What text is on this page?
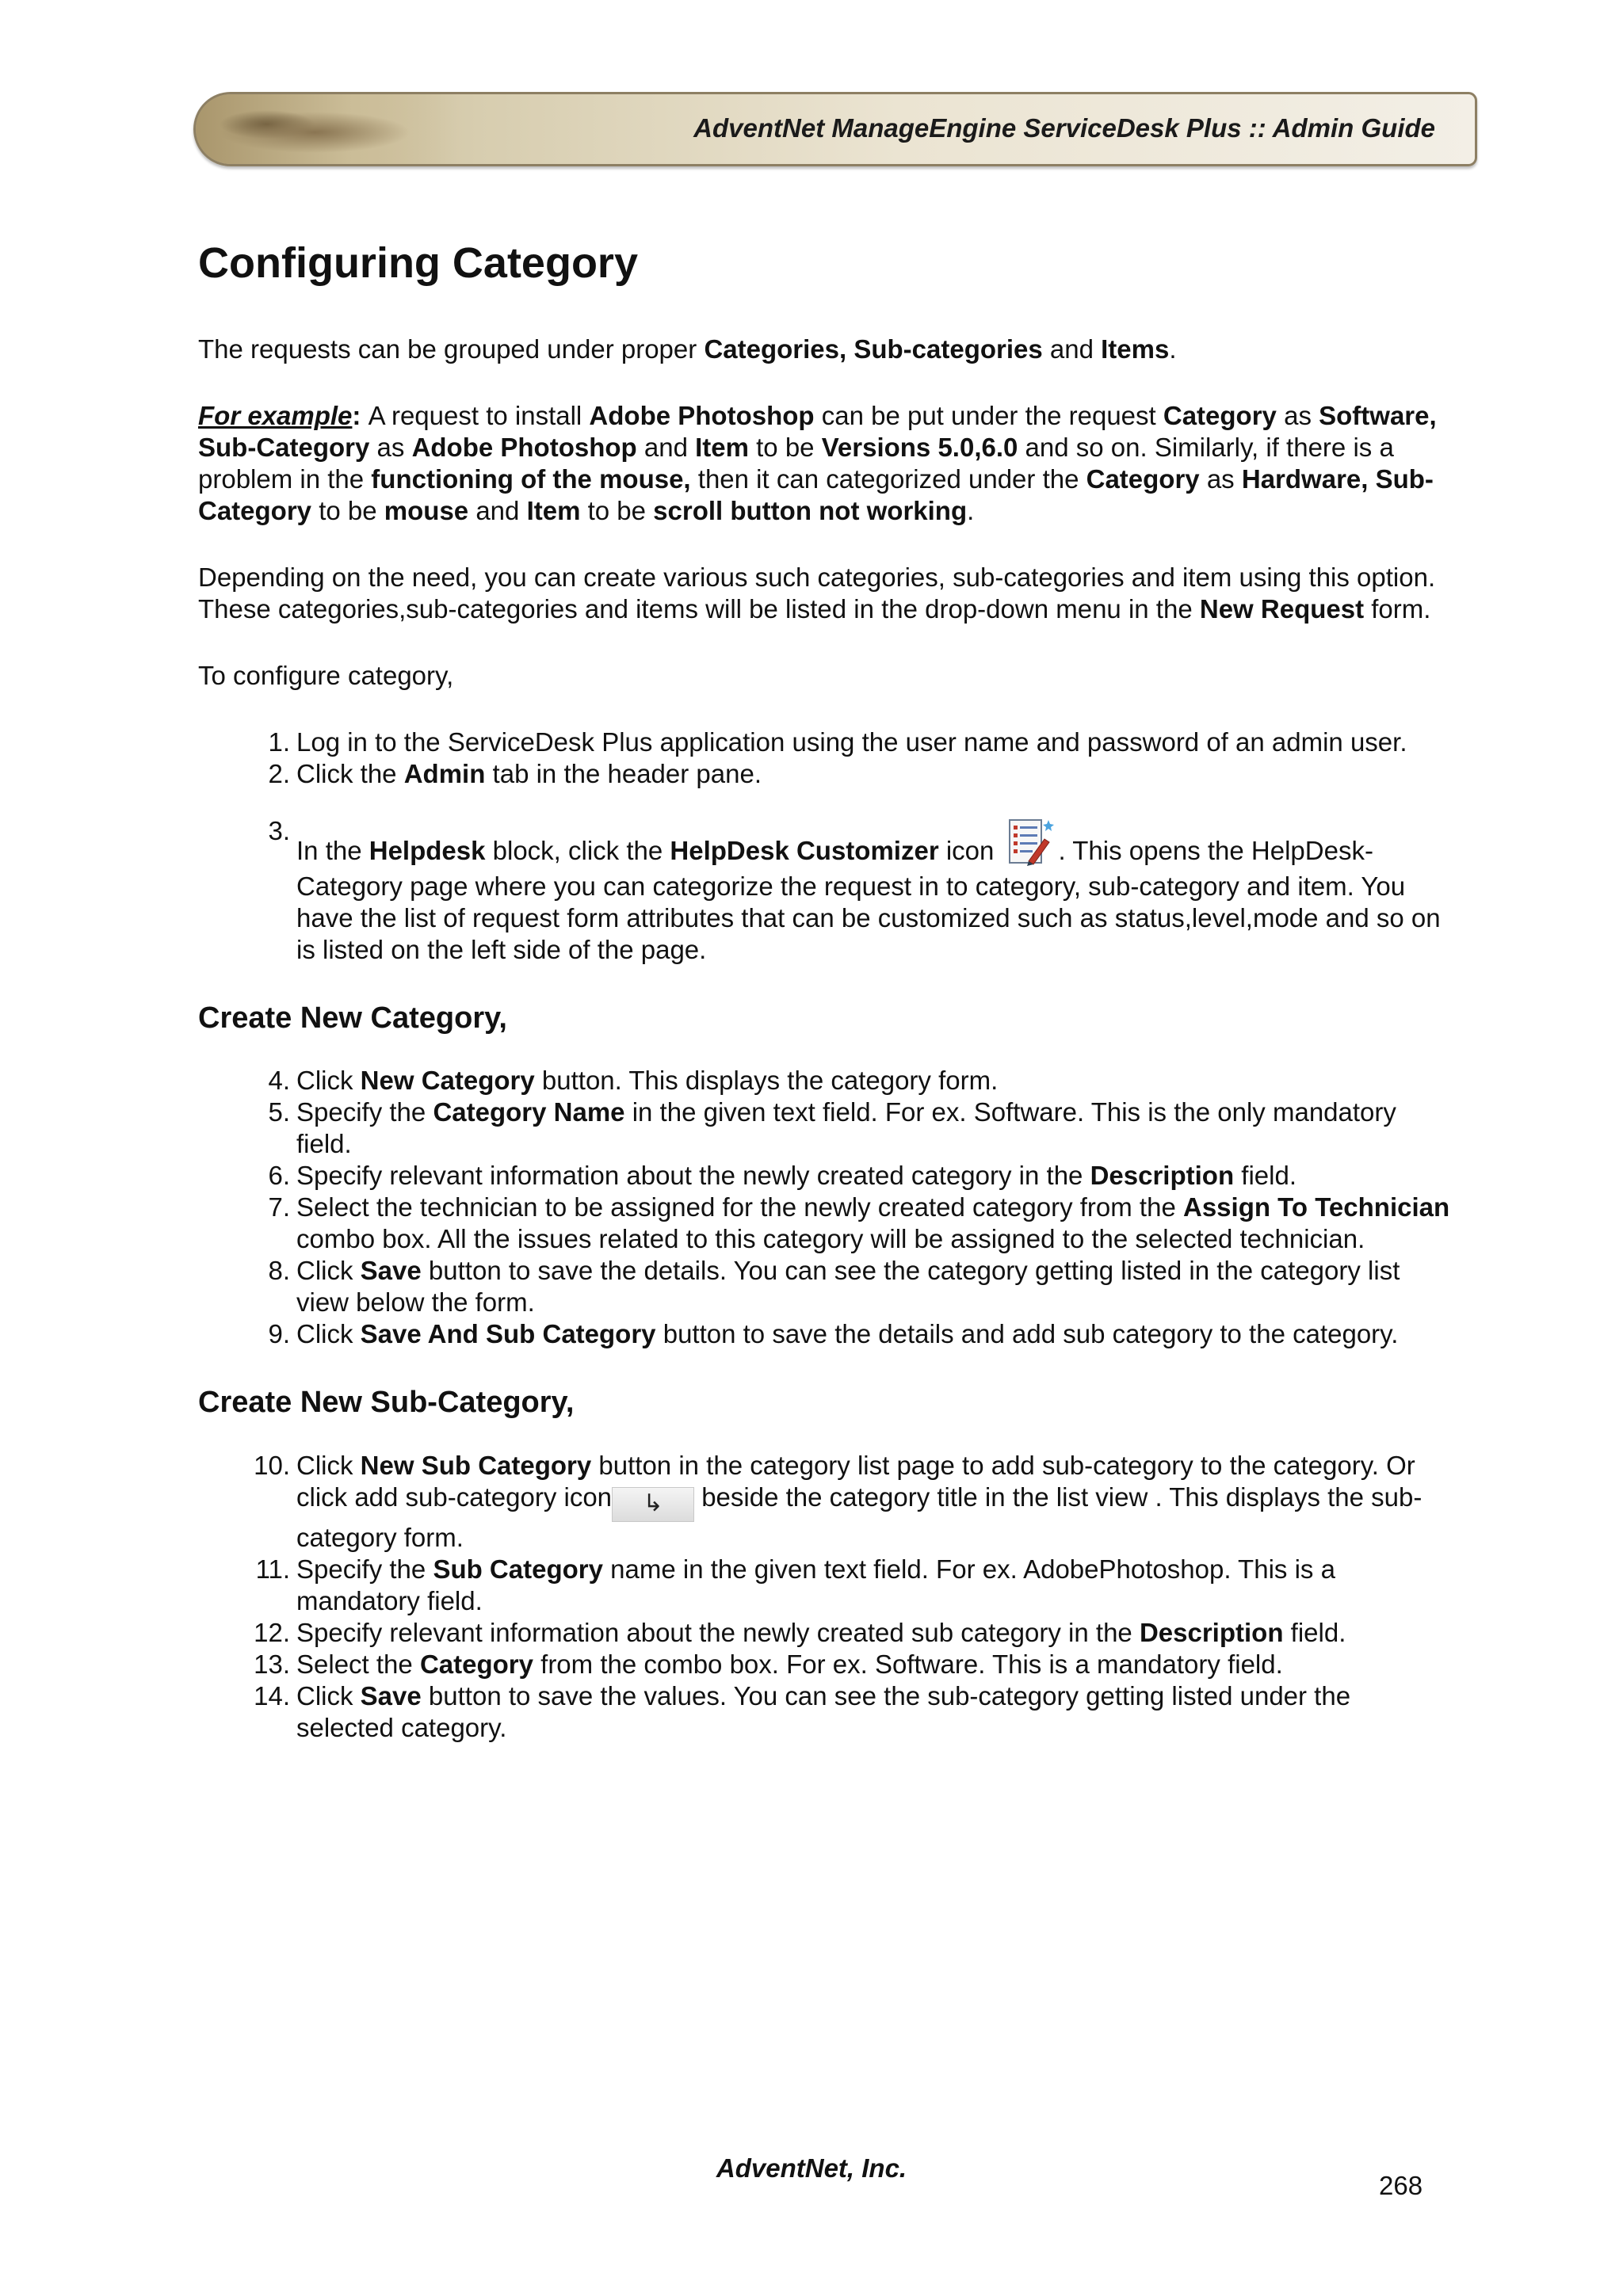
AdventNet ManageEngine ServiceDesk Plus :: Admin Guide
Configuring Category

The requests can be grouped under proper Categories, Sub-categories and Items.

For example: A request to install Adobe Photoshop can be put under the request Category as Software, Sub-Category as Adobe Photoshop and Item to be Versions 5.0,6.0 and so on. Similarly, if there is a problem in the functioning of the mouse, then it can categorized under the Category as Hardware, Sub-Category to be mouse and Item to be scroll button not working.

Depending on the need, you can create various such categories, sub-categories and item using this option. These categories,sub-categories and items will be listed in the drop-down menu in the New Request form.

To configure category,

1. Log in to the ServiceDesk Plus application using the user name and password of an admin user.
2. Click the Admin tab in the header pane.
3.
In the Helpdesk block, click the HelpDesk Customizer icon . This opens the HelpDesk-Category page where you can categorize the request in to category, sub-category and item. You have the list of request form attributes that can be customized such as status,level,mode and so on is listed on the left side of the page.
Create New Category,
4. Click New Category button. This displays the category form.
5. Specify the Category Name in the given text field. For ex. Software. This is the only mandatory field.
6. Specify relevant information about the newly created category in the Description field.
7. Select the technician to be assigned for the newly created category from the Assign To Technician combo box. All the issues related to this category will be assigned to the selected technician.
8. Click Save button to save the details. You can see the category getting listed in the category list view below the form.
9. Click Save And Sub Category button to save the details and add sub category to the category.
Create New Sub-Category,
10. Click New Sub Category button in the category list page to add sub-category to the category. Or click add sub-category icon ↳ beside the category title in the list view . This displays the sub-category form.
11. Specify the Sub Category name in the given text field. For ex. AdobePhotoshop. This is a mandatory field.
12. Specify relevant information about the newly created sub category in the Description field.
13. Select the Category from the combo box. For ex. Software. This is a mandatory field.
14. Click Save button to save the values. You can see the sub-category getting listed under the selected category.
AdventNet, Inc.
268
